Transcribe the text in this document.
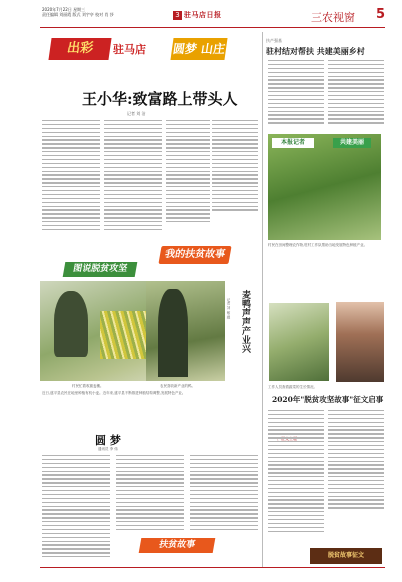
2020年7月22日 星期三
责任编辑 刘丽霞 版式 刘宇亭 校对 肖 莎	3 驻马店日报	三农视窗 5
出彩	驻马店 圆梦 山庄
王小华:致富路上带头人
记者 刘 洁
我的扶贫故事
图说脱贫攻坚
麦鸭声声产业兴
记者 刘 敏 摄
村民忙着收割麦穗。	农民喜收新产业的鸭。
近日,遂平县农民在地里种植有机小麦。近年来,遂平县不断推进种植结构调整,发展特色产业。
圆 梦
通讯员 李 伟
扶贫故事
扶产强基
驻村结对帮扶 共建美丽乡村
本报记者	共建美丽
村民在田间整理农作物,驻村工作队帮助当地发展特色种植产业。
工作人员查看蔬菜的生长情况。
2020年"脱贫攻坚故事"征文启事
脱贫故事征文
